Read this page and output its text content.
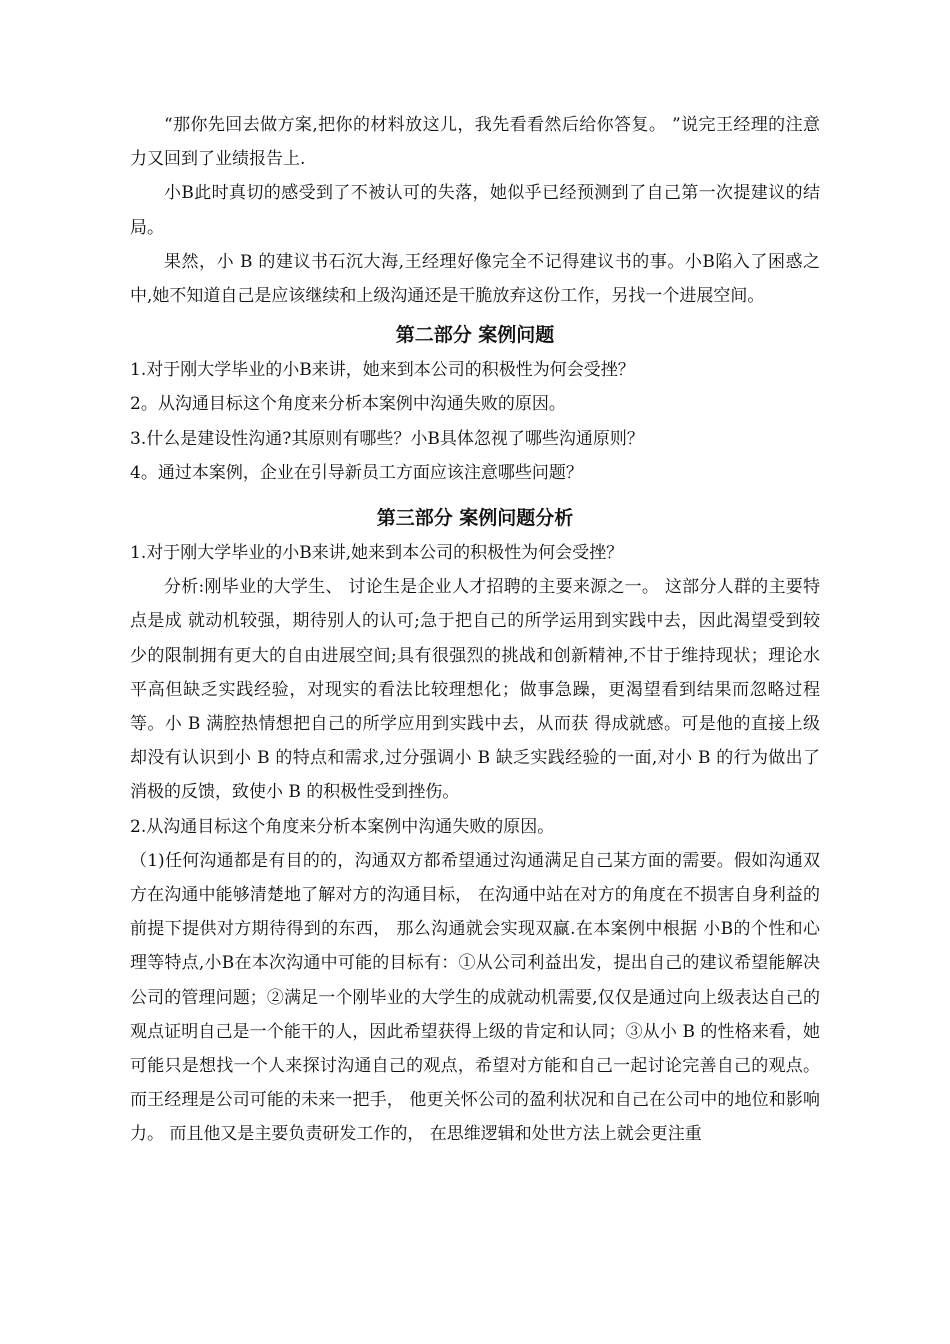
“那你先回去做方案,把你的材料放这儿，我先看看然后给你答复。 ”说完王经理的注意力又回到了业绩报告上.

小B此时真切的感受到了不被认可的失落，她似乎已经预测到了自己第一次提建议的结局。

果然，小 B 的建议书石沉大海,王经理好像完全不记得建议书的事。小B陷入了困惑之中,她不知道自己是应该继续和上级沟通还是干脆放弃这份工作，另找一个进展空间。

第二部分 案例问题

1.对于刚大学毕业的小B来讲，她来到本公司的积极性为何会受挫？

2。从沟通目标这个角度来分析本案例中沟通失败的原因。

3.什么是建设性沟通?其原则有哪些？小B具体忽视了哪些沟通原则？

4。通过本案例，企业在引导新员工方面应该注意哪些问题？

第三部分 案例问题分析

1.对于刚大学毕业的小B来讲,她来到本公司的积极性为何会受挫？

分析:刚毕业的大学生、 讨论生是企业人才招聘的主要来源之一。 这部分人群的主要特点是成 就动机较强，期待别人的认可;急于把自己的所学运用到实践中去，因此渴望受到较少的限制拥有更大的自由进展空间;具有很强烈的挑战和创新精神,不甘于维持现状；理论水平高但缺乏实践经验，对现实的看法比较理想化；做事急躁，更渴望看到结果而忽略过程等。小 B 满腔热情想把自己的所学应用到实践中去，从而获 得成就感。可是他的直接上级却没有认识到小 B 的特点和需求,过分强调小 B 缺乏实践经验的一面,对小 B 的行为做出了消极的反馈，致使小 B 的积极性受到挫伤。

2.从沟通目标这个角度来分析本案例中沟通失败的原因。

（1)任何沟通都是有目的的，沟通双方都希望通过沟通满足自己某方面的需要。假如沟通双方在沟通中能够清楚地了解对方的沟通目标， 在沟通中站在对方的角度在不损害自身利益的前提下提供对方期待得到的东西， 那么沟通就会实现双赢.在本案例中根据 小B的个性和心理等特点,小B在本次沟通中可能的目标有：①从公司利益出发，提出自己的建议希望能解决公司的管理问题；②满足一个刚毕业的大学生的成就动机需要,仅仅是通过向上级表达自己的观点证明自己是一个能干的人，因此希望获得上级的肯定和认同；③从小 B 的性格来看，她可能只是想找一个人来探讨沟通自己的观点，希望对方能和自己一起讨论完善自己的观点。而王经理是公司可能的未来一把手， 他更关怀公司的盈利状况和自己在公司中的地位和影响力。 而且他又是主要负责研发工作的， 在思维逻辑和处世方法上就会更注重
